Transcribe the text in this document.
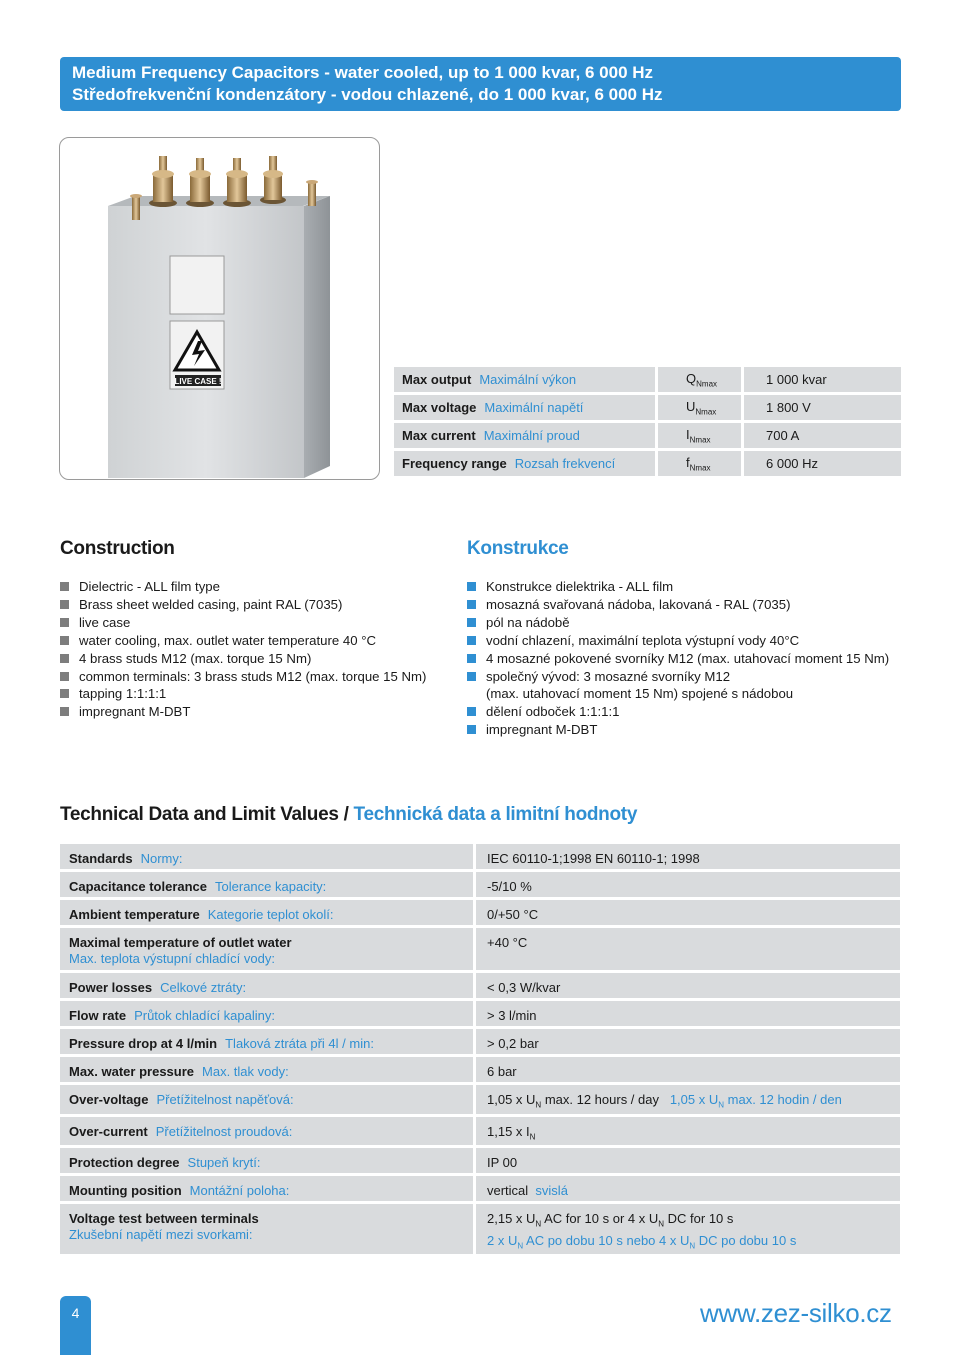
Medium Frequency Capacitors - water cooled, up to 1 000 kvar, 6 000 Hz
Středofrekvenční kondenzátory - vodou chlazené, do 1 000 kvar, 6 000 Hz
LIVE CASE !	Max output Maximální výkon	$Q_{Nmax}$	1 000 kvar
Max voltage Maximální napětí	$U_{Nmax}$	1 800 V
Max current Maximální proud	$I_{Nmax}$	700 A
Frequency range Rozsah frekvencí	$f_{Nmax}$	6 000 Hz
Construction
Dielectric - ALL film type
Brass sheet welded casing, paint RAL (7035)
live case
water cooling, max. outlet water temperature 40 °C
4 brass studs M12 (max. torque 15 Nm)
common terminals: 3 brass studs M12 (max. torque 15 Nm)
tapping 1:1:1:1
impregnant M-DBT
Konstrukce
Konstrukce dielektrika - ALL film
mosazná svařovaná nádoba, lakovaná - RAL (7035)
pól na nádobě
vodní chlazení, maximální teplota výstupní vody 40°C
4 mosazné pokovené svorníky M12 (max. utahovací moment 15 Nm)
společný vývod: 3 mosazné svorníky M12
(max. utahovací moment 15 Nm) spojené s nádobou
dělení odboček 1:1:1:1
impregnant M-DBT
Technical Data and Limit Values / Technická data a limitní hodnoty
Standards Normy:	IEC 60110-1;1998 EN 60110-1; 1998
Capacitance tolerance Tolerance kapacity:	-5/10 %
Ambient temperature Kategorie teplot okolí:	0/+50 °C
Maximal temperature of outlet water
Max. teplota výstupní chladící vody:	+40 °C
Power losses Celkové ztráty:	< 0,3 W/kvar
Flow rate Průtok chladící kapaliny:	> 3 l/min
Pressure drop at 4 l/min Tlaková ztráta při 4l / min:	> 0,2 bar
Max. water pressure Max. tlak vody:	6 bar
Over-voltage Přetížitelnost napěťová:	1,05 x $U_N$ max. 12 hours / day 1,05 x $U_N$ max. 12 hodin / den
Over-current Přetížitelnost proudová:	1,15 x $I_N$
Protection degree Stupeň krytí:	IP 00
Mounting position Montážní poloha:	vertical svislá
Voltage test between terminals
Zkušební napětí mezi svorkami:	2,15 x $U_N$ AC for 10 s or 4 x $U_N$ DC for 10 s
2 x $U_N$ AC po dobu 10 s nebo 4 x $U_N$ DC po dobu 10 s
4	www.zez-silko.cz
